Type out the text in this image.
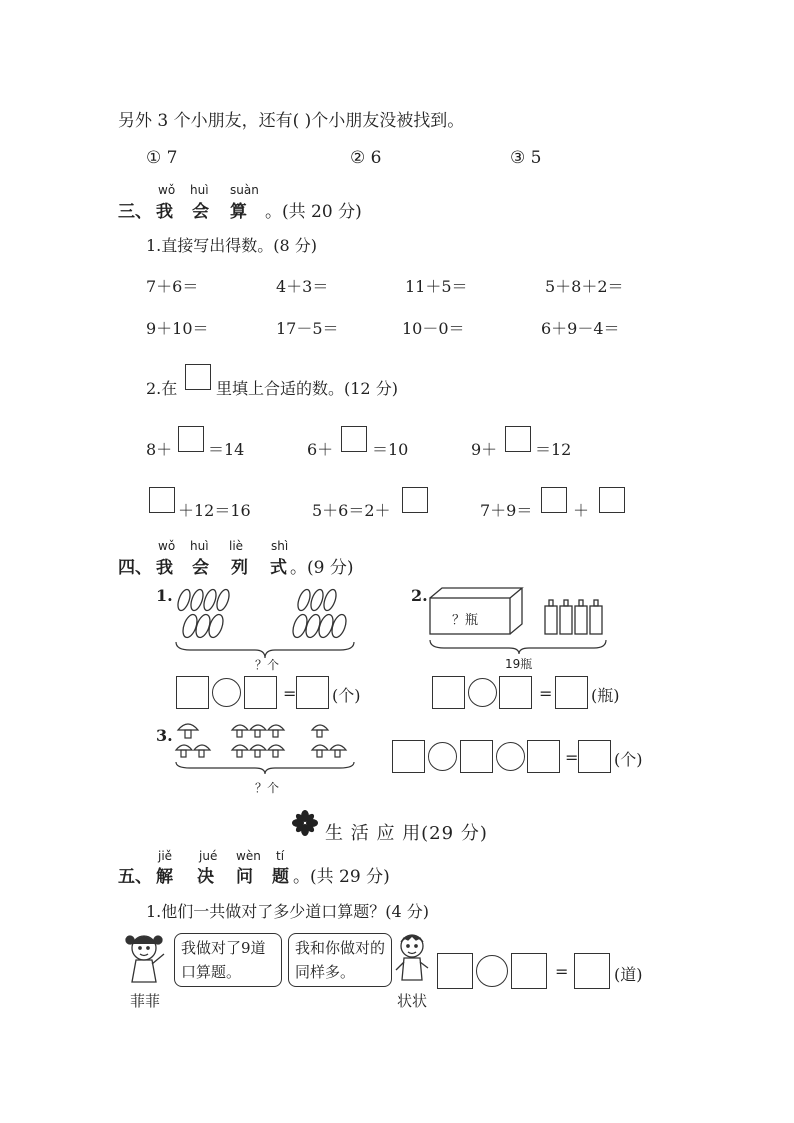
另外 3 个小朋友，还有( )个小朋友没被找到。
① 7	② 6	③ 5
三、
wǒ huì suàn
我 会 算 。(共 20 分)
1.直接写出得数。(8 分)
7＋6＝	4＋3＝	11＋5＝	5＋8＋2＝
9＋10＝	17－5＝	10－0＝	6＋9－4＝
2.在 里填上合适的数。(12 分)
8＋ ＝14	6＋ ＝10	9＋ ＝12
＋12＝16	5＋6＝2＋	7＋9＝	＋
四、
wǒ huì liè shì
我 会 列 式 。(9 分)
1.
？个
= (个)
2.
？瓶
19瓶
= (瓶)
3.
？个
= (个)
生 活 应 用(29 分)
五、
jiě jué wèn tí
解 决 问 题 。(共 29 分)
1.他们一共做对了多少道口算题？(4 分)
菲菲
我做对了9道口算题。
我和你做对的同样多。
状状
=	(道)
